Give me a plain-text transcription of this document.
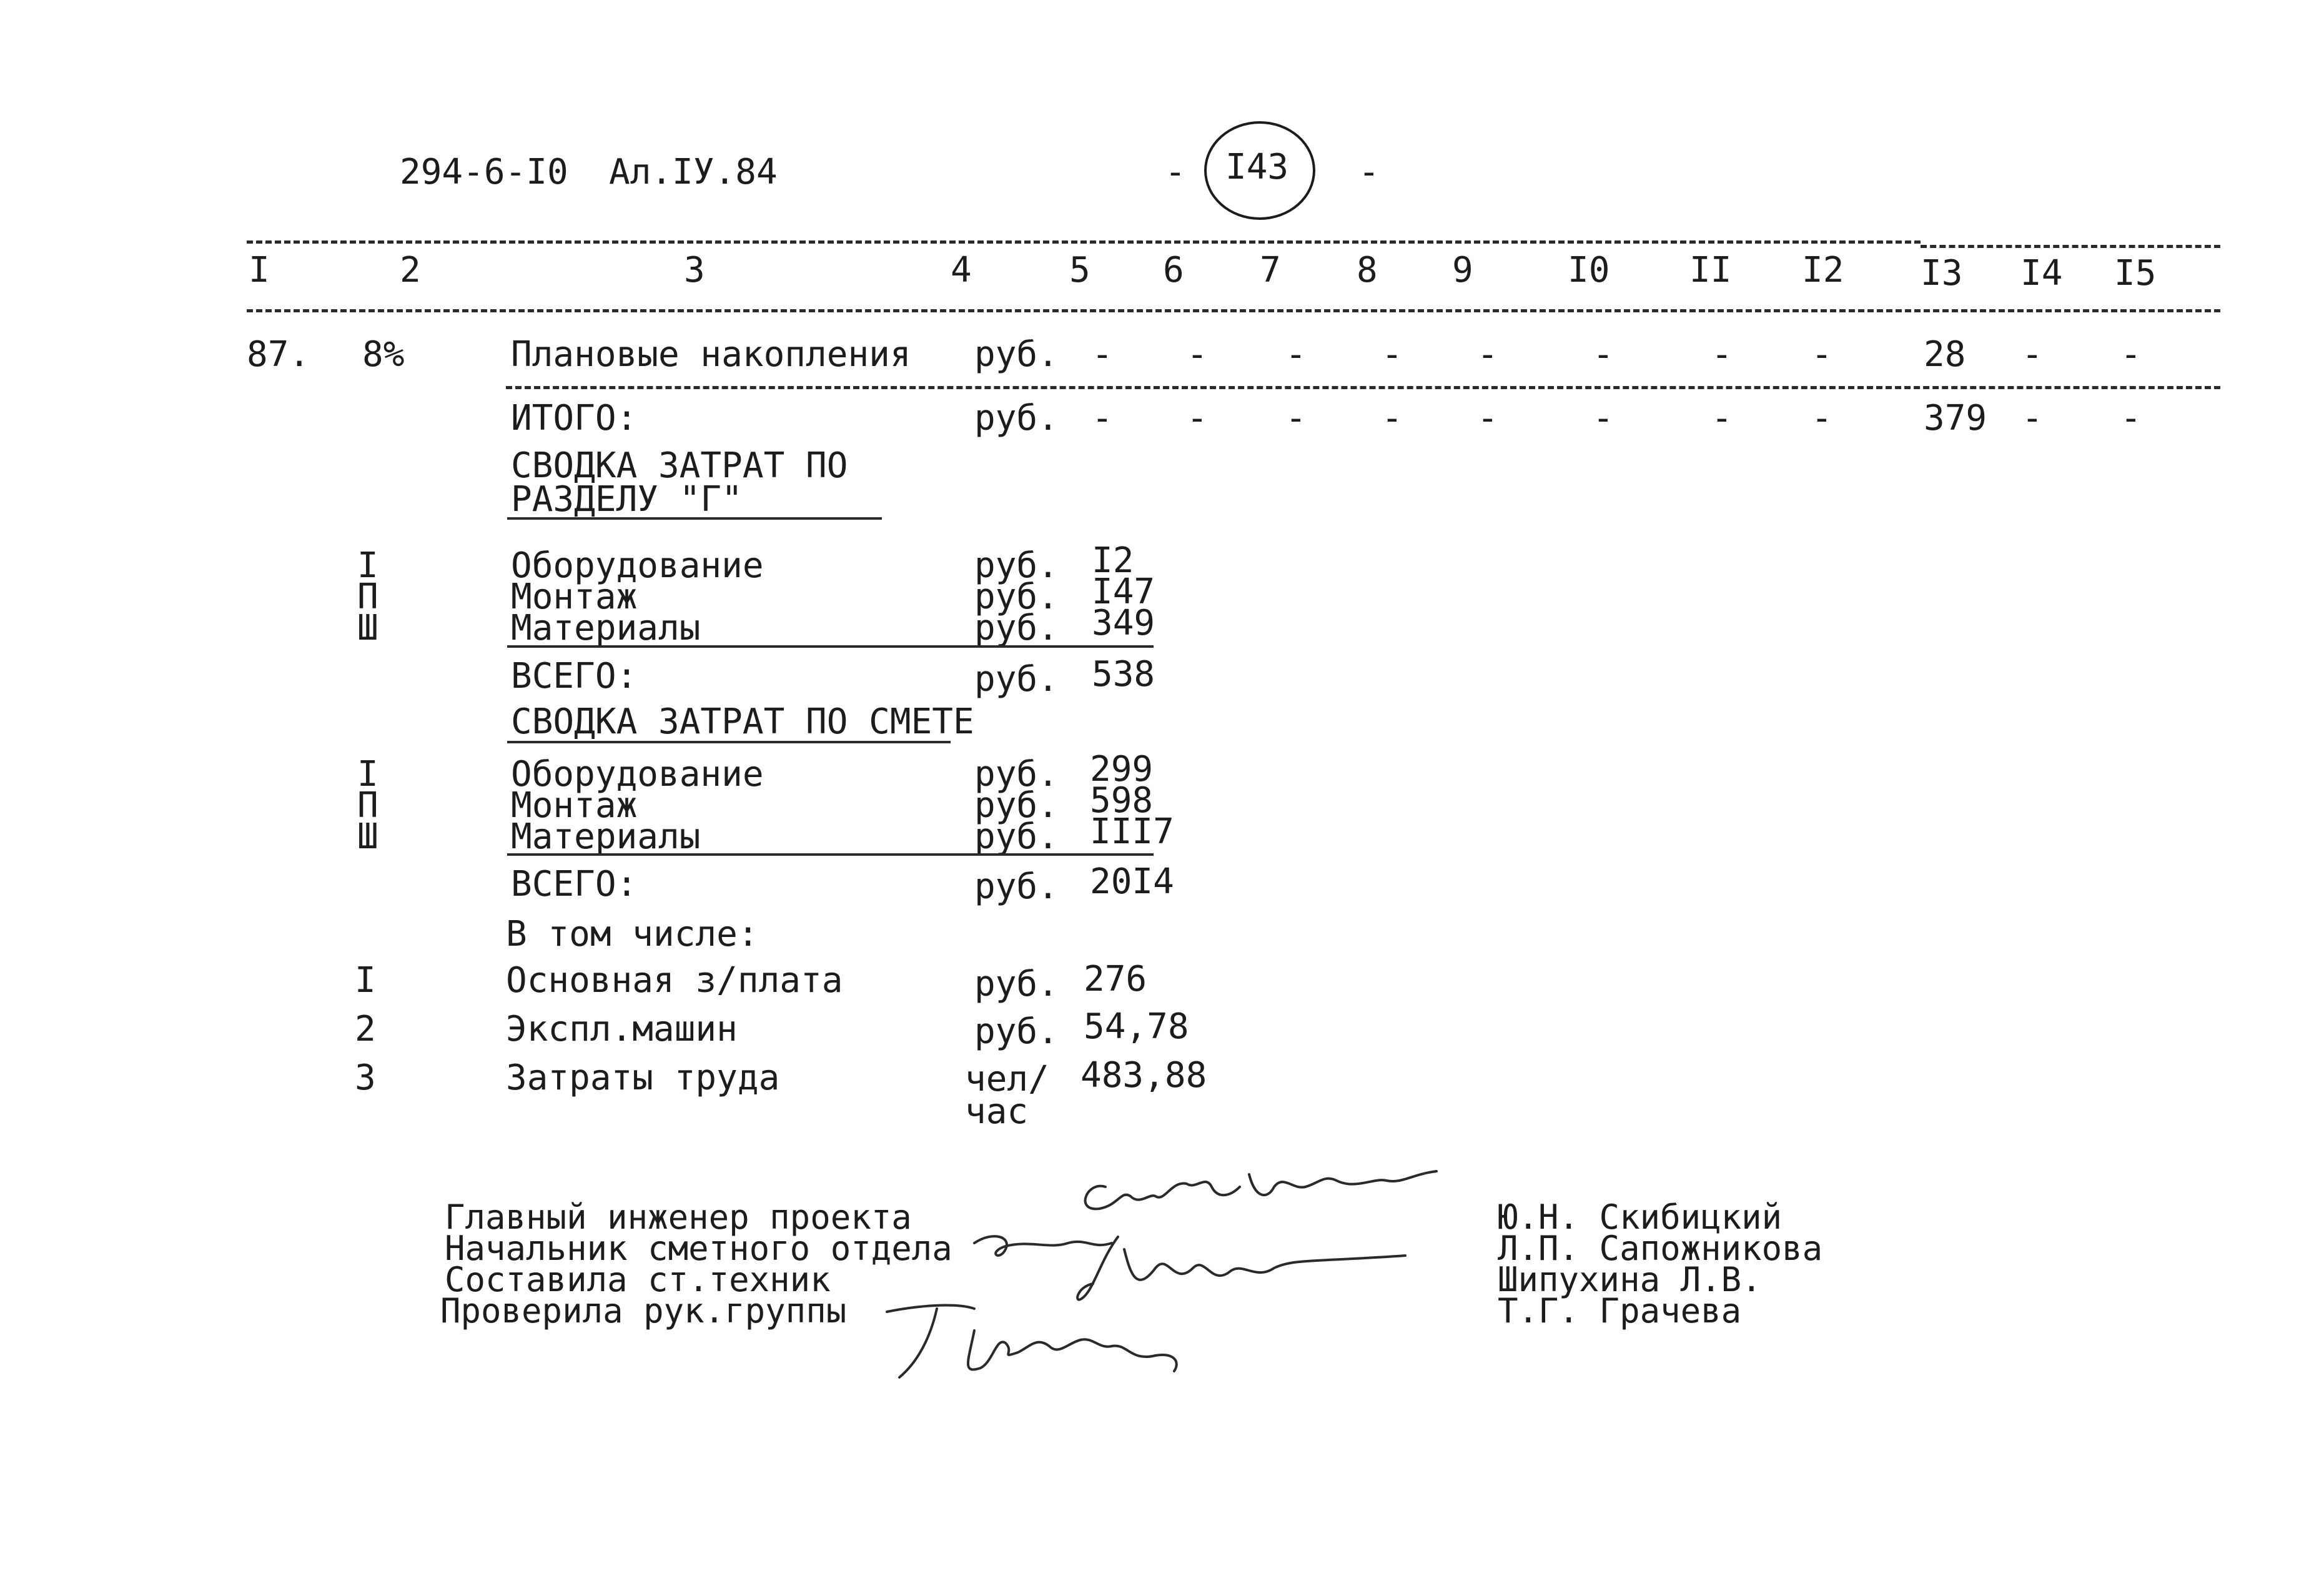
294-6-I0 Ал.IУ.84	- I43 -
I	2	3	4	5 6 7 8 9	I0 II I2 I3 I4 I5
87. 8%	Плановые накопления руб. - - - - -	-	- -	28 - -
ИТОГО:	руб. - - - - -	-	- -	379 - -
СВОДКА ЗАТРАТ ПО
РАЗДЕЛУ "Г"
I	Оборудование	руб. I2
П	Монтаж	руб. I47
Ш	Материалы	руб. 349
ВСЕГО:	руб. 538
СВОДКА ЗАТРАТ ПО СМЕТЕ
I	Оборудование	руб. 299
П	Монтаж	руб. 598
Ш	Материалы	руб. III7
ВСЕГО:	руб. 20I4
В том числе:
I	Основная з/плата	руб. 276
2	Экспл.машин	руб. 54,78
3	Затраты труда	чел/
час
483,88
Главный инженер проекта
Начальник сметного отдела
Составила ст.техник
Проверила рук.группы
Ю.Н. Скибицкий
Л.П. Сапожникова
Шипухина Л.В.
Т.Г. Грачева
